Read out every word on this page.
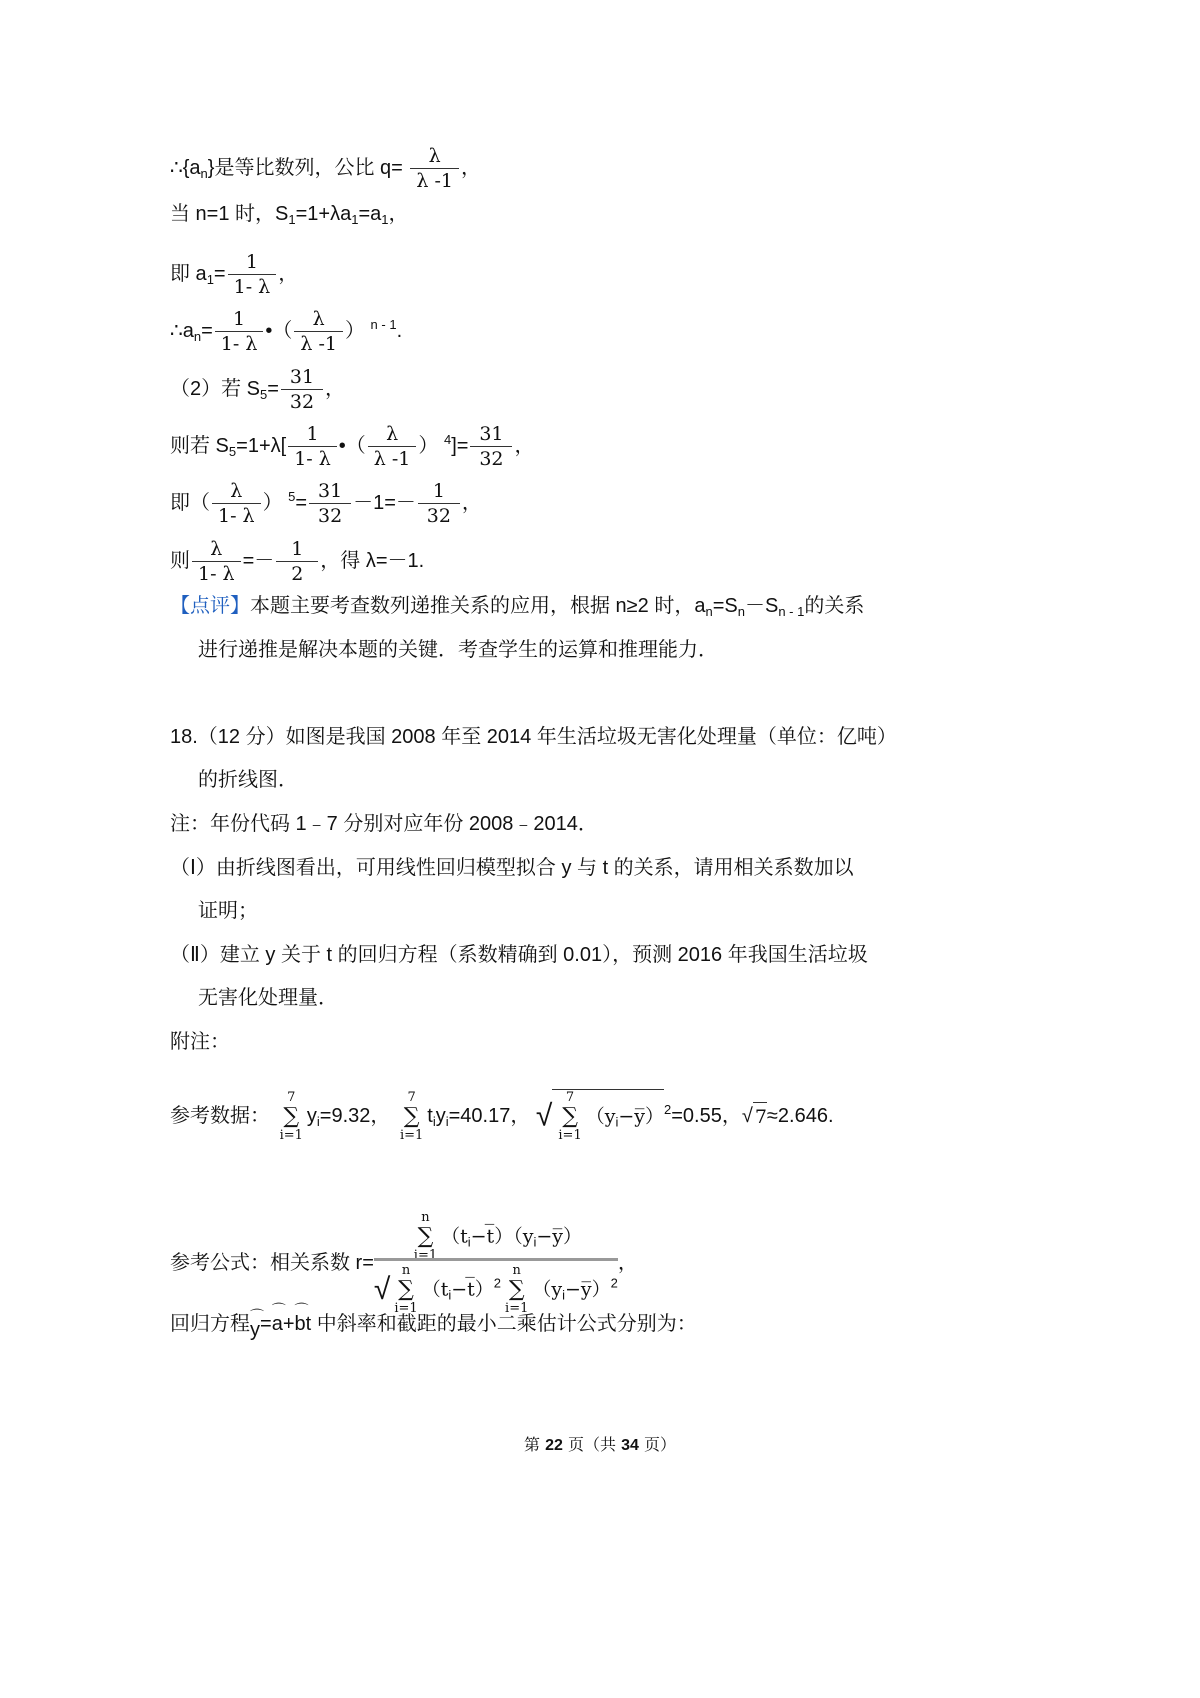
$\therefore\{a_n\}$是等比数列，公比 $q= \frac{\lambda}{\lambda -1}$ ，
当 n=1 时，$S_1=1+\lambda a_1=a_1$，
即 $a_1= \frac{1}{1- \lambda}$ ，
$\therefore a_n= \frac{1}{1- \lambda}$ •（ $\frac{\lambda}{\lambda -1}$ ） $^{n - 1}$.
（2）若 $S_5= \frac{31}{32}$ ，
则若 $S_5=1+\lambda[ \frac{1}{1- \lambda}$ •（ $\frac{\lambda}{\lambda -1}$ ） $^4]= \frac{31}{32}$ ，
即（ $\frac{\lambda}{1- \lambda}$ ） $^5= \frac{31}{32} -1=- \frac{1}{32}$ ，
则 $\frac{\lambda}{1- \lambda} =- \frac{1}{2}$ ，得 λ=－1.
【点评】本题主要考查数列递推关系的应用，根据 n≥2 时，$a_n=S_n-S_{n - 1}$的关系
进行递推是解决本题的关键．考查学生的运算和推理能力．
18.（12 分）如图是我国 2008 年至 2014 年生活垃圾无害化处理量（单位：亿吨）
的折线图．
注：年份代码 1﹣7 分别对应年份 2008﹣2014．
（Ⅰ）由折线图看出，可用线性回归模型拟合 y 与 t 的关系，请用相关系数加以
证明；
（Ⅱ）建立 y 关于 t 的回归方程（系数精确到 0.01），预测 2016 年我国生活垃圾
无害化处理量．
附注：
参考数据：
7
∑
i=1
$y_i=9.32$，
7
∑
i=1
$t_iy_i=40.17$， √
7
∑
i=1
$(y_i-y̅)^2=0.55$，√ 7≈2.646.
参考公式：相关系数 r= n
∑
i=1
$(t_i-t̅)(y_i-y̅)$
√
n
∑
i=1
$(t_i-t̅)^2$
n
∑
i=1
$(y_i-y̅)^2$ ，
回归方程⌒ y=⌒ a+⌒ bt 中斜率和截距的最小二乘估计公式分别为：
第 22 页（共 34 页）
